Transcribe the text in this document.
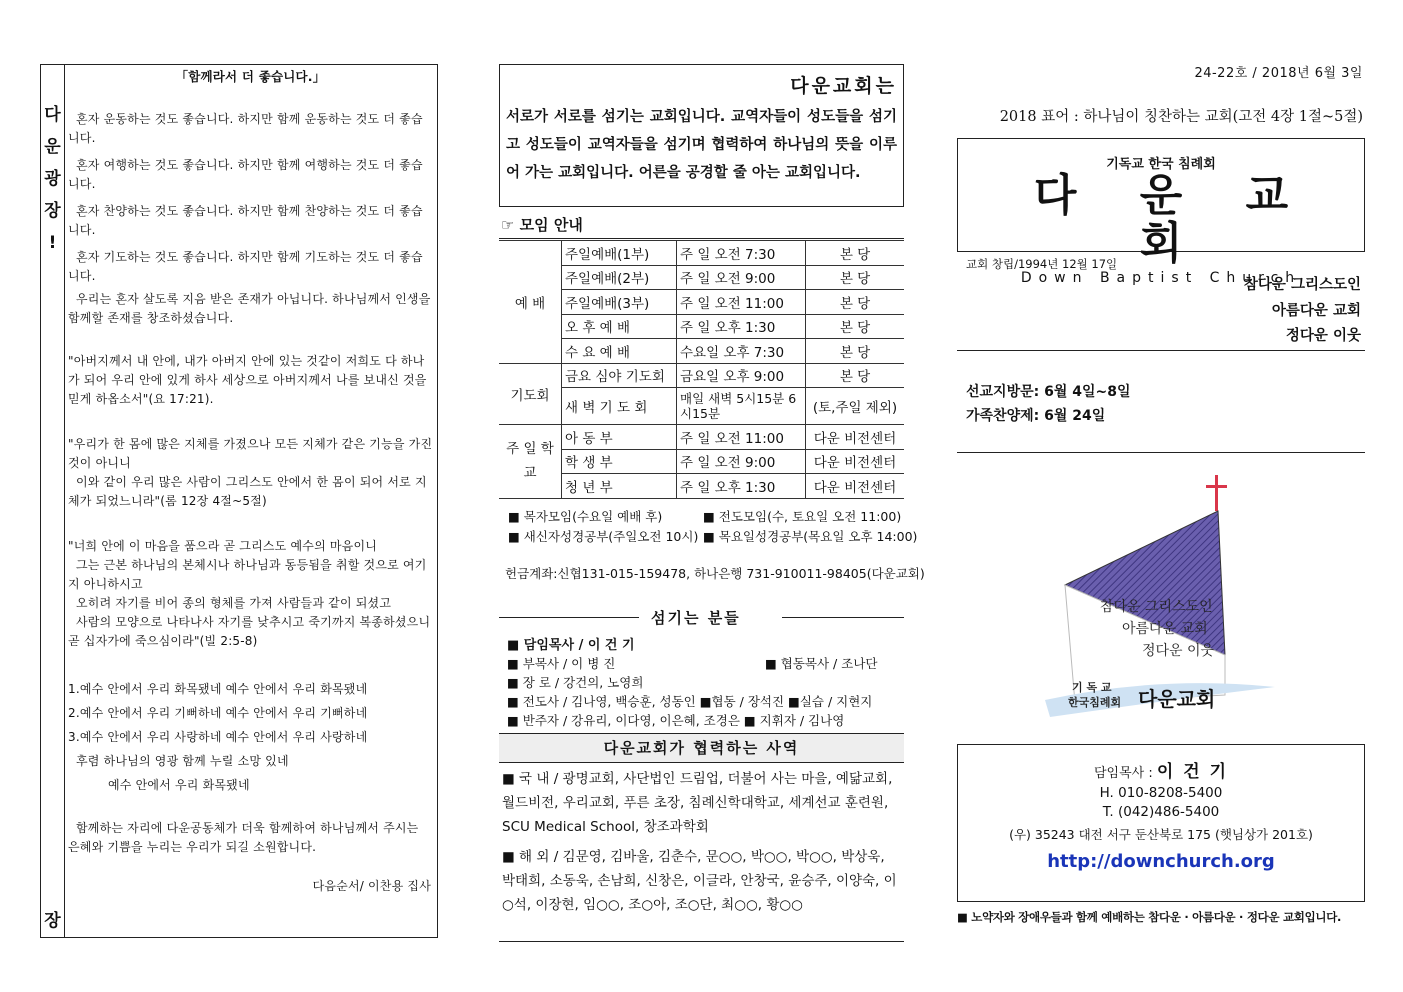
다
운
광
장
!
장

「함께라서 더 좋습니다.」

혼자 운동하는 것도 좋습니다. 하지만 함께 운동하는 것도 더 좋습니다.

혼자 여행하는 것도 좋습니다. 하지만 함께 여행하는 것도 더 좋습니다.

혼자 찬양하는 것도 좋습니다. 하지만 함께 찬양하는 것도 더 좋습니다.

혼자 기도하는 것도 좋습니다. 하지만 함께 기도하는 것도 더 좋습니다.

우리는 혼자 살도록 지음 받은 존재가 아닙니다. 하나님께서 인생을 함께할 존재를 창조하셨습니다.

"아버지께서 내 안에, 내가 아버지 안에 있는 것같이 저희도 다 하나가 되어 우리 안에 있게 하사 세상으로 아버지께서 나를 보내신 것을 믿게 하옵소서"(요 17:21).

"우리가 한 몸에 많은 지체를 가졌으나 모든 지체가 같은 기능을 가진 것이 아니니

이와 같이 우리 많은 사람이 그리스도 안에서 한 몸이 되어 서로 지체가 되었느니라"(롬 12장 4절~5절)

"너희 안에 이 마음을 품으라 곧 그리스도 예수의 마음이니

그는 근본 하나님의 본체시나 하나님과 동등됨을 취할 것으로 여기지 아니하시고

오히려 자기를 비어 종의 형체를 가져 사람들과 같이 되셨고

사람의 모양으로 나타나사 자기를 낮추시고 죽기까지 복종하셨으니 곧 십자가에 죽으심이라"(빌 2:5-8)

1.예수 안에서 우리 화목됐네 예수 안에서 우리 화목됐네

2.예수 안에서 우리 기뻐하네 예수 안에서 우리 기뻐하네

3.예수 안에서 우리 사랑하네 예수 안에서 우리 사랑하네

후렴 하나님의 영광 함께 누릴 소망 있네

예수 안에서 우리 화목됐네

함께하는 자리에 다운공동체가 더욱 함께하여 하나님께서 주시는 은혜와 기쁨을 누리는 우리가 되길 소원합니다.

다음순서/ 이찬용 집사

다운교회는
서로가 서로를 섬기는 교회입니다. 교역자들이 성도들을 섬기고 성도들이 교역자들을 섬기며 협력하여 하나님의 뜻을 이루어 가는 교회입니다. 어른을 공경할 줄 아는 교회입니다.
☞ 모임 안내
예 배	주일예배(1부)	주 일 오전 7:30	본 당
	주일예배(2부)	주 일 오전 9:00	본 당
	주일예배(3부)	주 일 오전 11:00	본 당
	오 후 예 배	주 일 오후 1:30	본 당
	수 요 예 배	수요일 오후 7:30	본 당
기도회	금요 심야 기도회	금요일 오후 9:00	본 당
	새 벽 기 도 회	매일 새벽 5시15분 6시15분	(토,주일 제외)
주 일 학 교	아 동 부	주 일 오전 11:00	다운 비전센터
	학 생 부	주 일 오전 9:00	다운 비전센터
	청 년 부	주 일 오후 1:30	다운 비전센터
■ 목자모임(수요일 예배 후)	■ 전도모임(수, 토요일 오전 11:00)
■ 새신자성경공부(주일오전 10시) ■ 목요일성경공부(목요일 오후 14:00)
헌금계좌:신협131-015-159478, 하나은행 731-910011-98405(다운교회)
섬기는 분들
■ 담임목사 / 이 건 기
■ 부목사 / 이 병 진	■ 협동목사 / 조나단
■ 장 로 / 강건의, 노영희
■ 전도사 / 김나영, 백승훈, 성동인 ■협동 / 장석진 ■실습 / 지현지
■ 반주자 / 강유리, 이다영, 이은혜, 조경은 ■ 지휘자 / 김나영
다운교회가 협력하는 사역
■ 국 내 / 광명교회, 사단법인 드림업, 더불어 사는 마을, 예닮교회, 월드비전, 우리교회, 푸른 초장, 침례신학대학교, 세계선교 훈련원, SCU Medical School, 창조과학회
■ 해 외 / 김문영, 김바울, 김춘수, 문○○, 박○○, 박○○, 박상욱, 박태희, 소동욱, 손남희, 신창은, 이글라, 안창국, 윤승주, 이양숙, 이○석, 이장현, 임○○, 조○아, 조○단, 최○○, 황○○
24-22호 / 2018년 6월 3일
2018 표어 : 하나님이 칭찬하는 교회(고전 4장 1절~5절)
기독교 한국 침례회
다 운 교 회
Down Baptist Church
교회 창립/1994년 12월 17일
참다운 그리스도인
아름다운 교회
정다운 이웃
선교지방문: 6월 4일~8일
가족찬양제: 6월 24일
참다운 그리스도인
아름다운 교회
정다운 이웃
기 독 교
한국침례회 다운교회
담임목사 : 이 건 기
H. 010-8208-5400
T. (042)486-5400
(우) 35243 대전 서구 둔산북로 175 (햇님상가 201호)
http://downchurch.org
■ 노약자와 장애우들과 함께 예배하는 참다운 · 아름다운 · 정다운 교회입니다.
